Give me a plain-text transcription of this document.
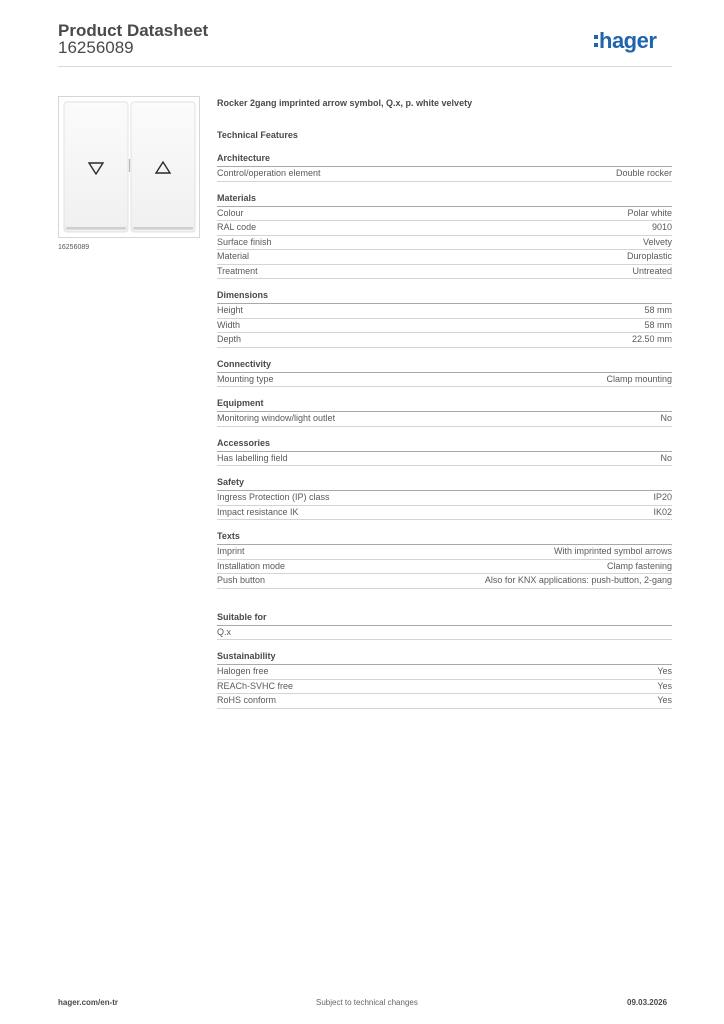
Product Datasheet
16256089	hager
16256089
Rocker 2gang imprinted arrow symbol, Q.x, p. white velvety
Technical Features
Architecture
Control/operation element	Double rocker
Materials
Colour	Polar white
RAL code	9010
Surface finish	Velvety
Material	Duroplastic
Treatment	Untreated
Dimensions
Height	58 mm
Width	58 mm
Depth	22.50 mm
Connectivity
Mounting type	Clamp mounting
Equipment
Monitoring window/light outlet	No
Accessories
Has labelling field	No
Safety
Ingress Protection (IP) class	IP20
Impact resistance IK	IK02
Texts
Imprint	With imprinted symbol arrows
Installation mode	Clamp fastening
Push button	Also for KNX applications: push-button, 2-gang
Suitable for
Q.x
Sustainability
Halogen free	Yes
REACh-SVHC free	Yes
RoHS conform	Yes
hager.com/en-tr	Subject to technical changes	09.03.2026
